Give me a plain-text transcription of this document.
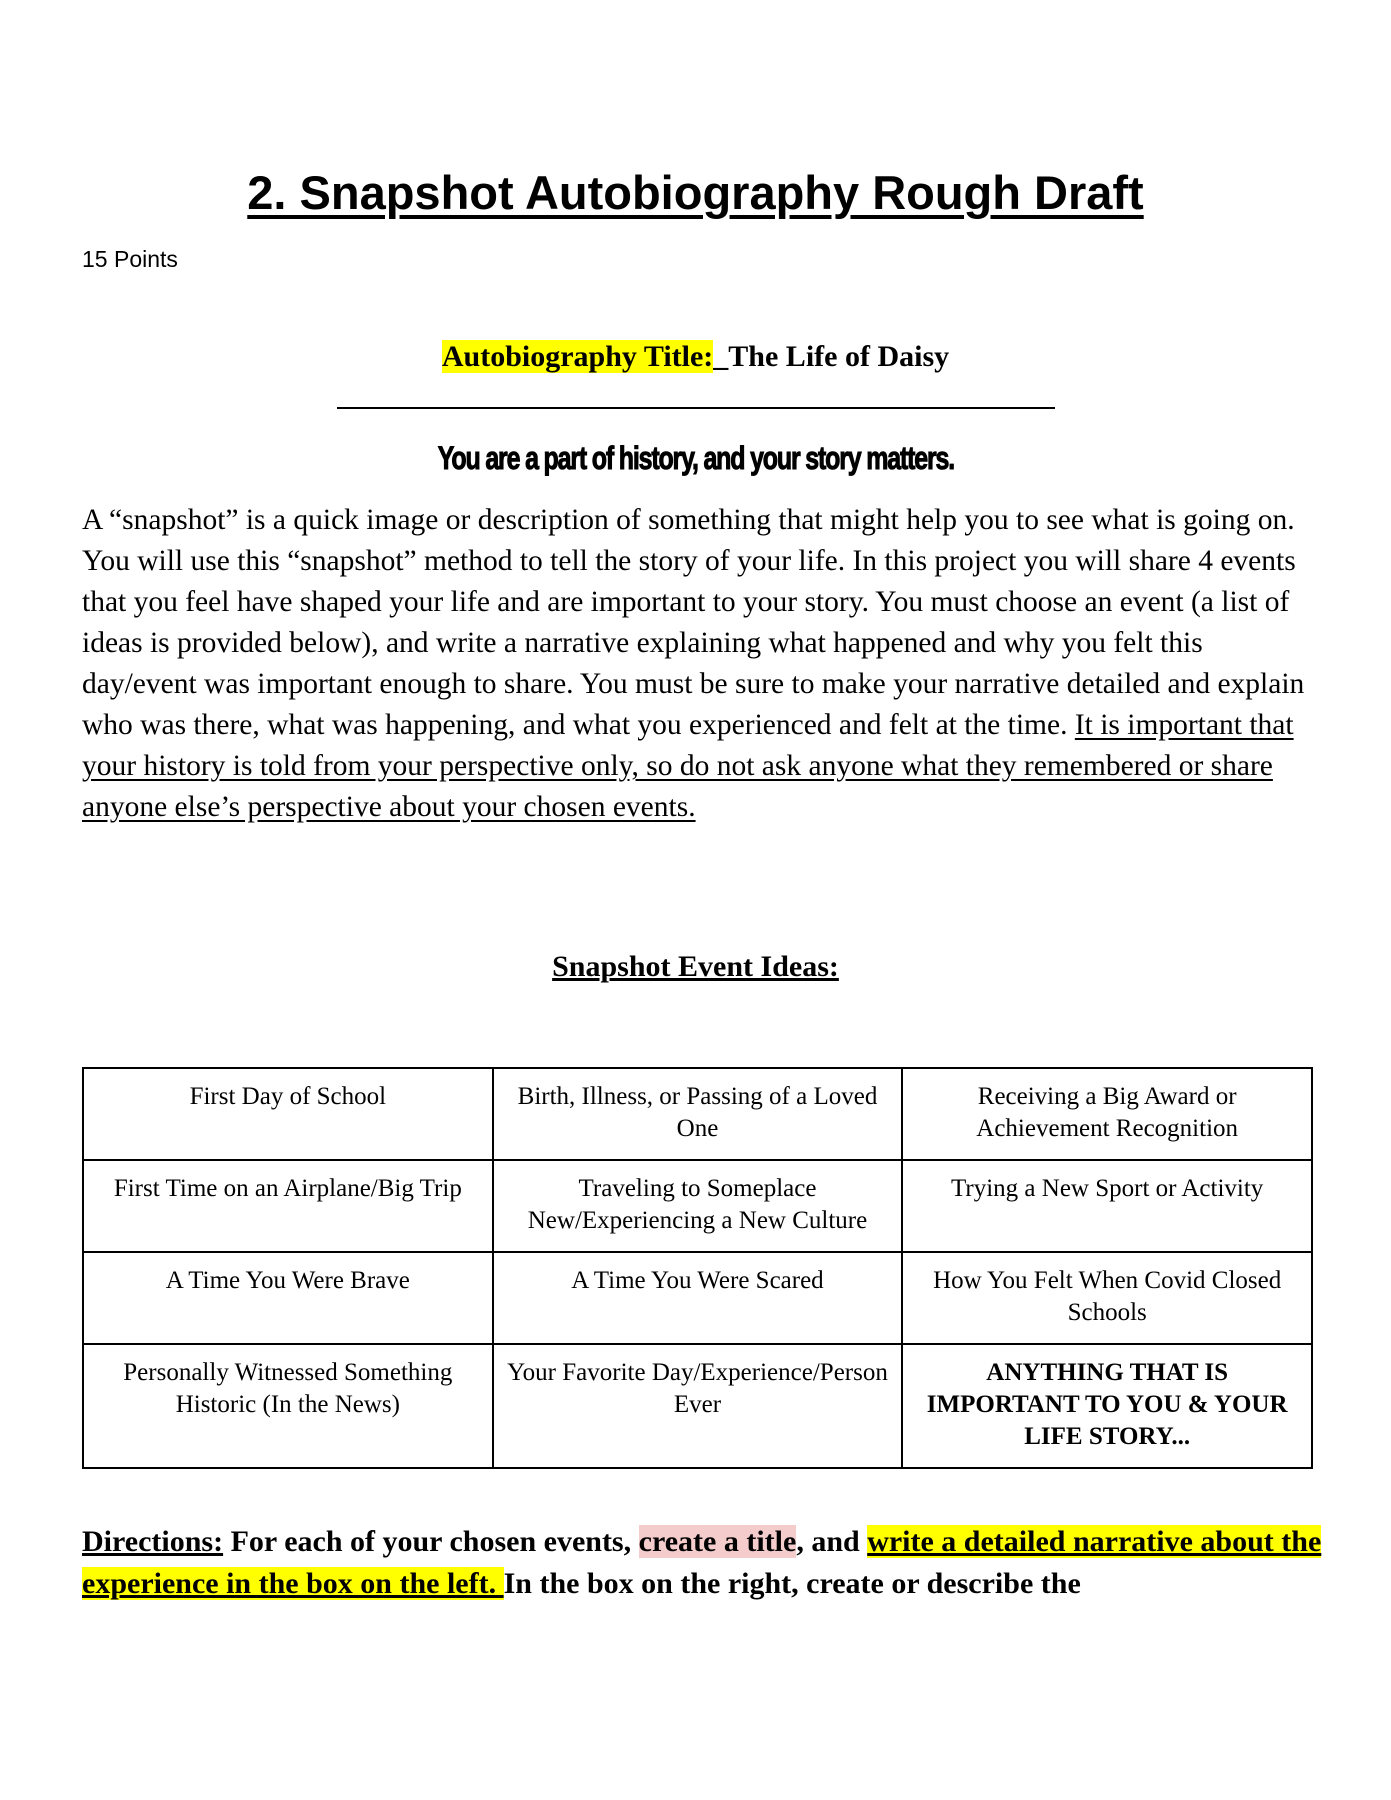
2. Snapshot Autobiography Rough Draft
15 Points
Autobiography Title:_The Life of Daisy
You are a part of history, and your story matters.
A “snapshot” is a quick image or description of something that might help you to see what is going on. You will use this “snapshot” method to tell the story of your life. In this project you will share 4 events that you feel have shaped your life and are important to your story. You must choose an event (a list of ideas is provided below), and write a narrative explaining what happened and why you felt this day/event was important enough to share. You must be sure to make your narrative detailed and explain who was there, what was happening, and what you experienced and felt at the time. It is important that your history is told from your perspective only, so do not ask anyone what they remembered or share anyone else’s perspective about your chosen events.
Snapshot Event Ideas:
First Day of School	Birth, Illness, or Passing of a Loved One	Receiving a Big Award or Achievement Recognition
First Time on an Airplane/Big Trip	Traveling to Someplace New/Experiencing a New Culture	Trying a New Sport or Activity
A Time You Were Brave	A Time You Were Scared	How You Felt When Covid Closed Schools
Personally Witnessed Something Historic (In the News)	Your Favorite Day/Experience/Person Ever	ANYTHING THAT IS IMPORTANT TO YOU & YOUR LIFE STORY...
Directions: For each of your chosen events, create a title, and write a detailed narrative about the experience in the box on the left. In the box on the right, create or describe the
